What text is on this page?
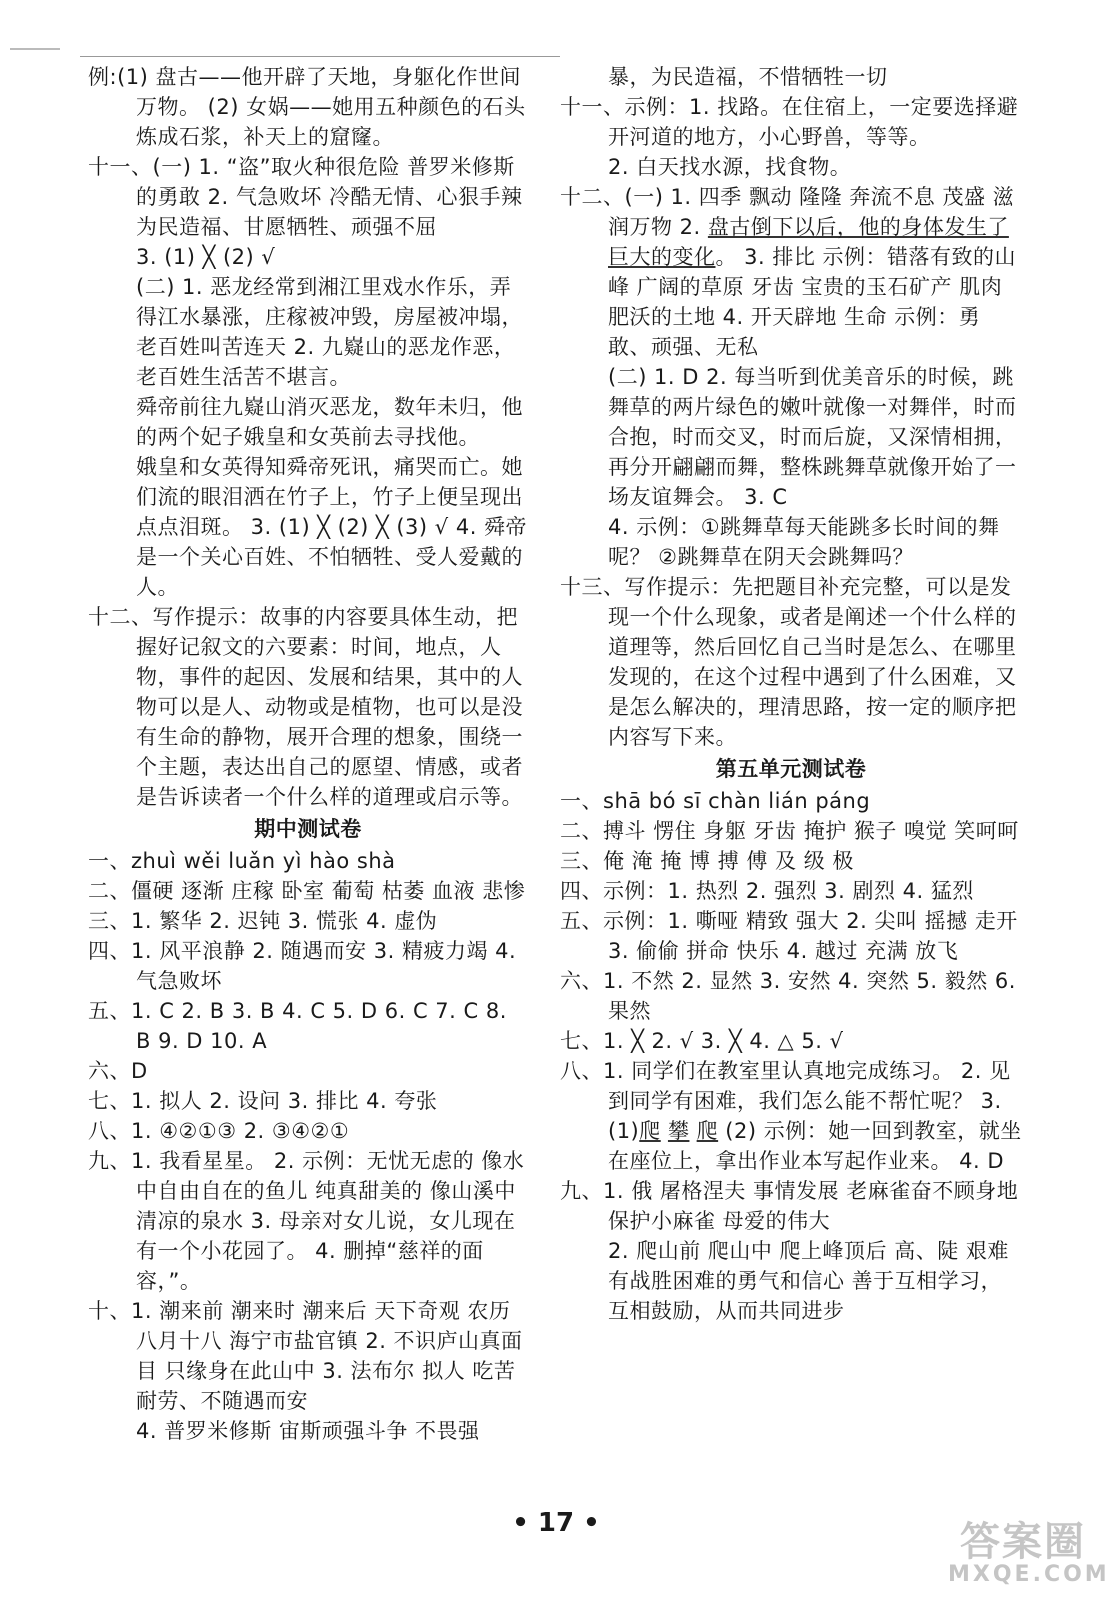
例:(1) 盘古——他开辟了天地，身躯化作世间万物。 (2) 女娲——她用五种颜色的石头炼成石浆，补天上的窟窿。

十一、(一) 1. “盗”取火种很危险 普罗米修斯的勇敢 2. 气急败坏 冷酷无情、心狠手辣 为民造福、甘愿牺牲、顽强不屈

3. (1) ╳ (2) √

(二) 1. 恶龙经常到湘江里戏水作乐，弄得江水暴涨，庄稼被冲毁，房屋被冲塌，老百姓叫苦连天 2. 九嶷山的恶龙作恶，老百姓生活苦不堪言。

舜帝前往九嶷山消灭恶龙，数年未归，他的两个妃子娥皇和女英前去寻找他。

娥皇和女英得知舜帝死讯，痛哭而亡。她们流的眼泪洒在竹子上，竹子上便呈现出点点泪斑。 3. (1) ╳ (2) ╳ (3) √ 4. 舜帝是一个关心百姓、不怕牺牲、受人爱戴的人。

十二、写作提示：故事的内容要具体生动，把握好记叙文的六要素：时间，地点，人物，事件的起因、发展和结果，其中的人物可以是人、动物或是植物，也可以是没有生命的静物，展开合理的想象，围绕一个主题，表达出自己的愿望、情感，或者是告诉读者一个什么样的道理或启示等。

期中测试卷

一、zhuì wěi luǎn yì hào shà

二、僵硬 逐渐 庄稼 卧室 葡萄 枯萎 血液 悲惨

三、1. 繁华 2. 迟钝 3. 慌张 4. 虚伪

四、1. 风平浪静 2. 随遇而安 3. 精疲力竭 4. 气急败坏

五、1. C 2. B 3. B 4. C 5. D 6. C 7. C 8. B 9. D 10. A

六、D

七、1. 拟人 2. 设问 3. 排比 4. 夸张

八、1. ④②①③ 2. ③④②①

九、1. 我看星星。 2. 示例：无忧无虑的 像水中自由自在的鱼儿 纯真甜美的 像山溪中清凉的泉水 3. 母亲对女儿说，女儿现在有一个小花园了。 4. 删掉“慈祥的面容，”。

十、1. 潮来前 潮来时 潮来后 天下奇观 农历八月十八 海宁市盐官镇 2. 不识庐山真面目 只缘身在此山中 3. 法布尔 拟人 吃苦耐劳、不随遇而安

4. 普罗米修斯 宙斯顽强斗争 不畏强

暴，为民造福，不惜牺牲一切

十一、示例：1. 找路。在住宿上，一定要选择避开河道的地方，小心野兽，等等。

2. 白天找水源，找食物。

十二、(一) 1. 四季 飘动 隆隆 奔流不息 茂盛 滋润万物 2. 盘古倒下以后，他的身体发生了巨大的变化。 3. 排比 示例：错落有致的山峰 广阔的草原 牙齿 宝贵的玉石矿产 肌肉 肥沃的土地 4. 开天辟地 生命 示例：勇敢、顽强、无私

(二) 1. D 2. 每当听到优美音乐的时候，跳舞草的两片绿色的嫩叶就像一对舞伴，时而合抱，时而交叉，时而后旋，又深情相拥，再分开翩翩而舞，整株跳舞草就像开始了一场友谊舞会。 3. C

4. 示例：①跳舞草每天能跳多长时间的舞呢？ ②跳舞草在阴天会跳舞吗？

十三、写作提示：先把题目补充完整，可以是发现一个什么现象，或者是阐述一个什么样的道理等，然后回忆自己当时是怎么、在哪里发现的，在这个过程中遇到了什么困难，又是怎么解决的，理清思路，按一定的顺序把内容写下来。

第五单元测试卷

一、shā bó sī chàn lián páng

二、搏斗 愣住 身躯 牙齿 掩护 猴子 嗅觉 笑呵呵

三、俺 淹 掩 博 搏 傅 及 级 极

四、示例：1. 热烈 2. 强烈 3. 剧烈 4. 猛烈

五、示例：1. 嘶哑 精致 强大 2. 尖叫 摇撼 走开 3. 偷偷 拼命 快乐 4. 越过 充满 放飞

六、1. 不然 2. 显然 3. 安然 4. 突然 5. 毅然 6. 果然

七、1. ╳ 2. √ 3. ╳ 4. △ 5. √

八、1. 同学们在教室里认真地完成练习。 2. 见到同学有困难，我们怎么能不帮忙呢？ 3. (1)爬 攀 爬 (2) 示例：她一回到教室，就坐在座位上，拿出作业本写起作业来。 4. D

九、1. 俄 屠格涅夫 事情发展 老麻雀奋不顾身地保护小麻雀 母爱的伟大

2. 爬山前 爬山中 爬上峰顶后 高、陡 艰难 有战胜困难的勇气和信心 善于互相学习，互相鼓励，从而共同进步

• 17 •	答案圈
MXQE.COM
